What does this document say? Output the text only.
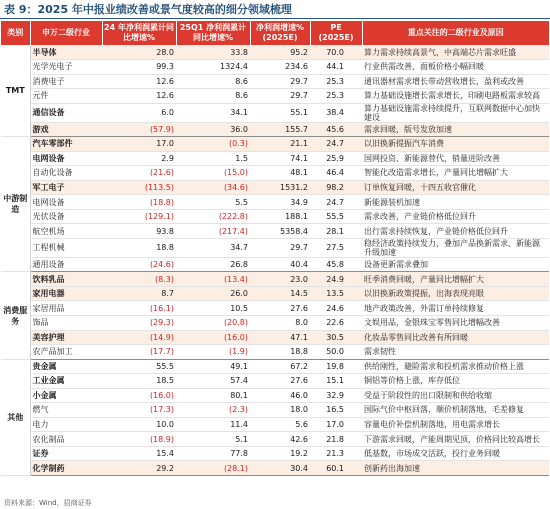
表 9：2025 年中报业绩改善或景气度较高的细分领域梳理
类别	申万二级行业	24 年净利润累计同比增速%	25Q1 净利润累计同比增速%	净利润增速% (2025E)	PE (2025E)	重点关注的二级行业及原因
TMT	半导体	28.0	33.8	95.2	70.0	算力需求持续高景气，中高端芯片需求旺盛
	光学光电子	99.3	1324.4	234.6	44.1	行业供需改善，面板价格小幅回暖
	消费电子	12.6	8.6	29.7	25.3	通讯器材需求增长带动营收增长，盈利或改善
	元件	12.6	8.6	29.7	25.3	算力基础设施增长需求增长，印刷电路板需求较高
	通信设备	6.0	34.1	55.1	38.4	算力基础设施需求持续提升，互联网数据中心加快建设
	游戏	(57.9)	36.0	155.7	45.6	需求回暖，版号发放加速
中游制造	汽车零部件	17.0	(0.3)	21.1	24.7	以旧换新提振汽车消费
	电网设备	2.9	1.5	74.1	25.9	国网投资、新能源替代，销量进阶改善
	自动化设备	(21.6)	(15.0)	48.1	46.4	智能化改造需求增长，产量同比增幅扩大
	军工电子	(113.5)	(34.6)	1531.2	98.2	订单恢复回暖，十四五收官催化
	电网设备	(18.8)	5.5	34.9	24.7	新能源装机加速
	光伏设备	(129.1)	(222.8)	188.1	55.5	需求改善，产业链价格低位回升
	航空机场	93.8	(217.4)	5358.4	28.1	出行需求持续恢复，产业链价格低位回升
	工程机械	18.8	34.7	29.7	27.5	稳经济政策持续发力，叠加产品换新需求、新能源升级加速
	通用设备	(24.6)	26.8	40.4	45.8	设备更新需求叠加
消费服务	饮料乳品	(8.3)	(13.4)	23.0	24.9	旺季消费回暖，产量同比增幅扩大
	家用电器	8.7	26.0	14.5	13.5	以旧换新政策提振，出海表现亮眼
	家居用品	(16.1)	10.5	27.6	24.6	地产政策改善，外需订单持续修复
	饰品	(29.3)	(20.8)	8.0	22.6	文娱用品，金银珠宝零售同比增幅改善
	美容护理	(14.9)	(16.0)	47.1	30.5	化妆品零售同比改善有所回暖
	农产品加工	(17.7)	(1.9)	18.8	50.0	需求韧性
其他	贵金属	55.5	49.1	67.2	19.8	供给刚性，避险需求和投机需求推动价格上涨
	工业金属	18.5	57.4	27.6	15.1	铜铝等价格上涨，库存低位
	小金属	(16.0)	80.1	46.0	32.9	受益于阶段性的出口限制和供给收缩
	燃气	(17.3)	(2.3)	18.0	16.5	国际气价中枢回落，顺价机制落地，毛差修复
	电力	10.0	11.4	5.6	17.0	容量电价补偿机制落地，用电需求增长
	农化制品	(18.9)	5.1	42.6	21.8	下游需求回暖，产能周期见顶，价格同比较高增长
	证券	15.4	77.8	19.2	21.3	低基数，市场成交活跃，投行业务回暖
	化学制药	29.2	(28.1)	30.4	60.1	创新药出海加速
资料来源：Wind，招商证券
